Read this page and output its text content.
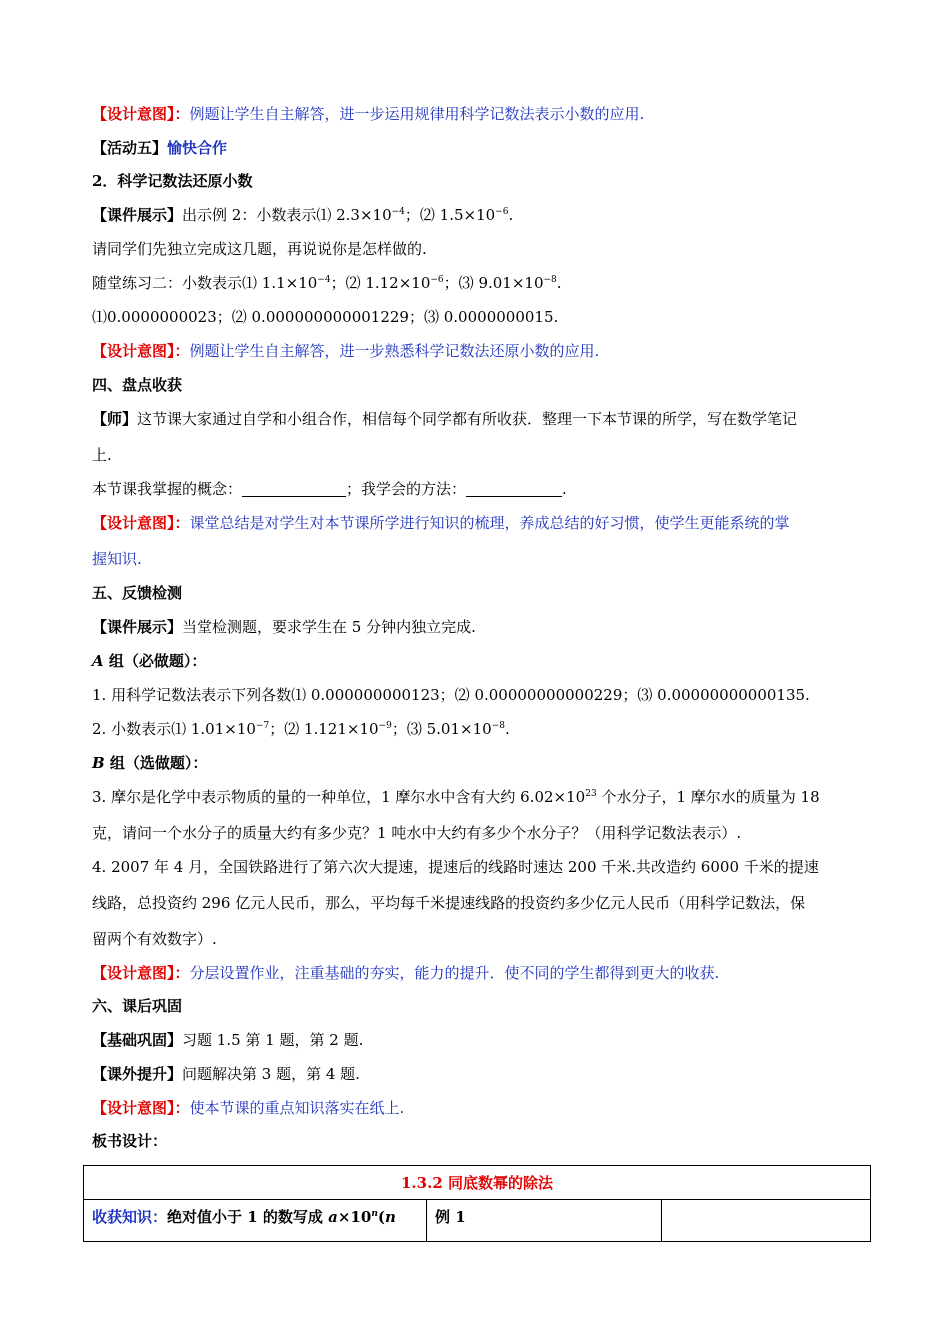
【设计意图】：例题让学生自主解答，进一步运用规律用科学记数法表示小数的应用.

【活动五】愉快合作

2．科学记数法还原小数

【课件展示】出示例 2：小数表示⑴ $2.3\times 10^{-4}$；⑵ $1.5\times 10^{-6}$.

请同学们先独立完成这几题，再说说你是怎样做的.

随堂练习二：小数表示⑴ $1.1\times 10^{-4}$；⑵ $1.12\times 10^{-6}$；⑶ $9.01\times 10^{-8}$.

⑴0.0000000023；⑵ 0.000000000001229；⑶ 0.0000000015.

【设计意图】：例题让学生自主解答，进一步熟悉科学记数法还原小数的应用.

四、盘点收获

【师】这节课大家通过自学和小组合作，相信每个同学都有所收获．整理一下本节课的所学，写在数学笔记

上.

本节课我掌握的概念：	；我学会的方法：	.

【设计意图】：课堂总结是对学生对本节课所学进行知识的梳理，养成总结的好习惯，使学生更能系统的掌

握知识.

五、反馈检测

【课件展示】当堂检测题，要求学生在 5 分钟内独立完成.

A 组（必做题）：

1. 用科学记数法表示下列各数⑴ 0.000000000123；⑵ 0.00000000000229；⑶ 0.00000000000135.

2. 小数表示⑴ $1.01\times 10^{-7}$；⑵ $1.121\times 10^{-9}$；⑶ $5.01\times 10^{-8}$.

B 组（选做题）：

3. 摩尔是化学中表示物质的量的一种单位，1 摩尔水中含有大约 $6.02\times 10^{23}$ 个水分子，1 摩尔水的质量为 18

克，请问一个水分子的质量大约有多少克？1 吨水中大约有多少个水分子？（用科学记数法表示）.

4. 2007 年 4 月，全国铁路进行了第六次大提速，提速后的线路时速达 200 千米.共改造约 6000 千米的提速

线路，总投资约 296 亿元人民币，那么，平均每千米提速线路的投资约多少亿元人民币（用科学记数法，保

留两个有效数字）.

【设计意图】：分层设置作业，注重基础的夯实，能力的提升．使不同的学生都得到更大的收获.

六、课后巩固

【基础巩固】习题 1.5 第 1 题，第 2 题.

【课外提升】问题解决第 3 题，第 4 题.

【设计意图】：使本节课的重点知识落实在纸上.

板书设计：

1.3.2 同底数幂的除法
收获知识：绝对值小于 1 的数写成 $a\times 10^n(n$	例 1	
